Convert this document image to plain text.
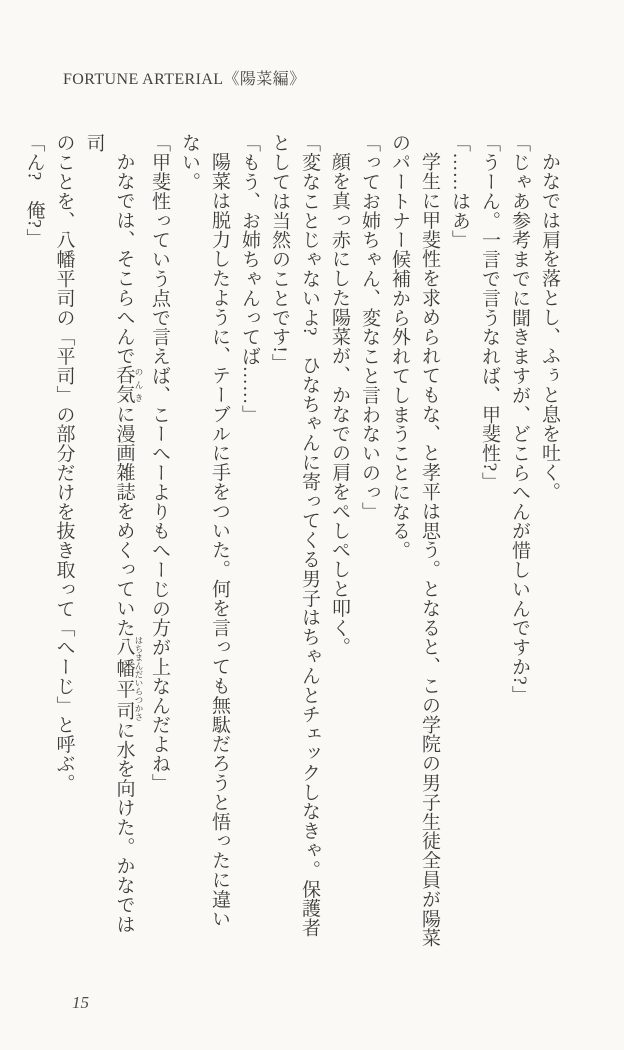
FORTUNE ARTERIAL《陽菜編》

かなでは肩を落とし、ふぅと息を吐く。

「じゃあ参考までに聞きますが、どこらへんが惜しいんですか?」

「うーん。一言で言うなれば、甲斐性?」

「……はあ」

学生に甲斐性を求められてもな、と孝平は思う。となると、この学院の男子生徒全員が陽菜

のパートナー候補から外れてしまうことになる。

「ってお姉ちゃん、変なこと言わないのっ」

顔を真っ赤にした陽菜が、かなでの肩をぺしぺしと叩く。

「変なことじゃないよ?　ひなちゃんに寄ってくる男子はちゃんとチェックしなきゃ。保護者

としては当然のことです!」

「もう、お姉ちゃんってば……」

陽菜は脱力したように、テーブルに手をついた。何を言っても無駄だろうと悟ったに違い

ない。

「甲斐性っていう点で言えば、こーへーよりもへーじの方が上なんだよね」

かなでは、そこらへんで呑気 のんきに漫画雑誌をめくっていた八幡平司 はちまんだいらつかさに水を向けた。かなでは司

のことを、八幡平司の「平司」の部分だけを抜き取って「へーじ」と呼ぶ。

「ん?　俺?」

15
